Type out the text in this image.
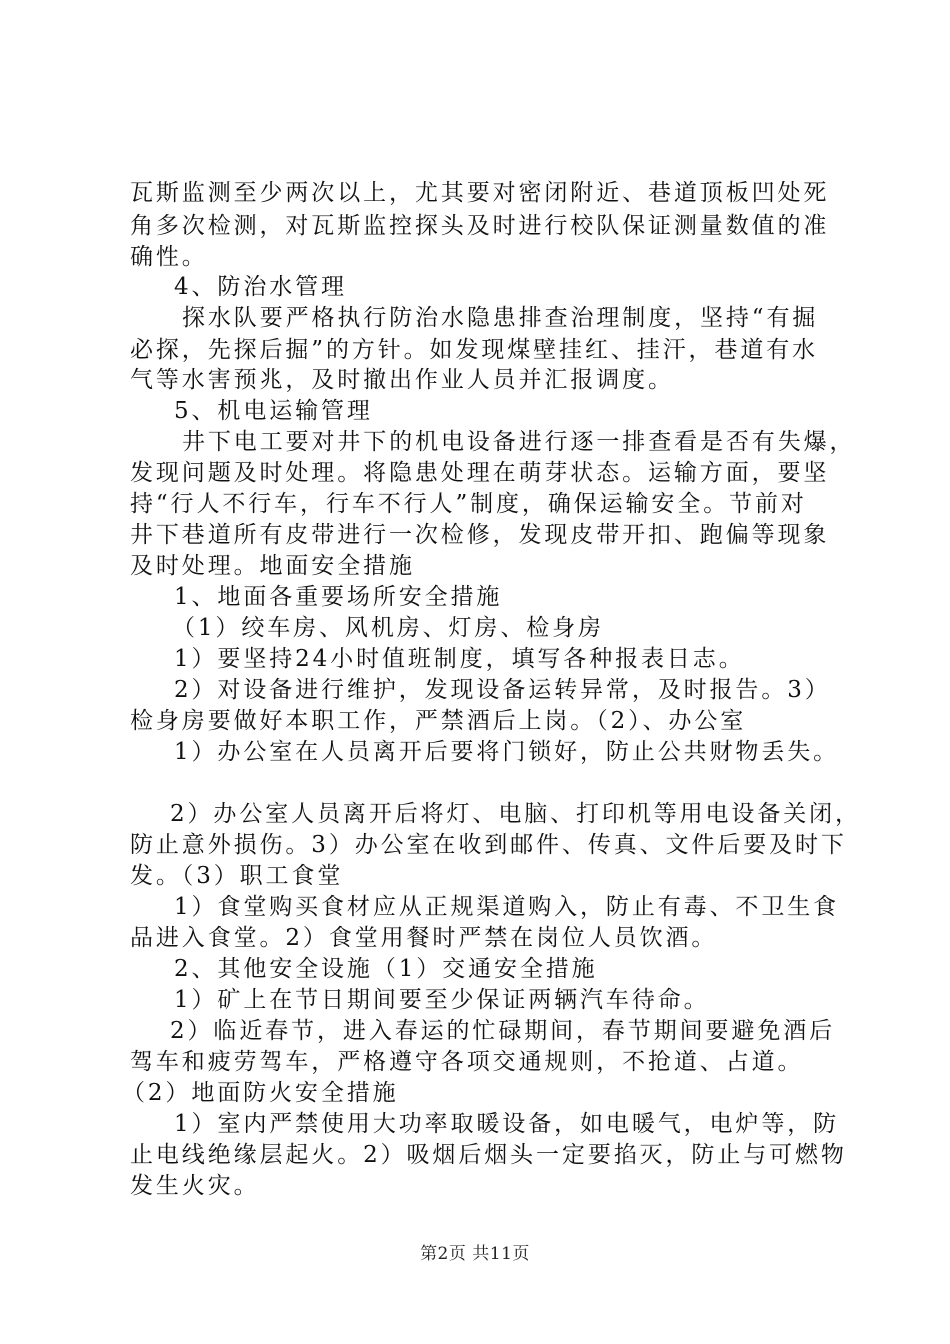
瓦斯监测至少两次以上，尤其要对密闭附近、巷道顶板凹处死
角多次检测，对瓦斯监控探头及时进行校队保证测量数值的准
确性。
4、防治水管理
探水队要严格执行防治水隐患排查治理制度，坚持“有掘
必探，先探后掘”的方针。如发现煤壁挂红、挂汗，巷道有水
气等水害预兆，及时撤出作业人员并汇报调度。
5、机电运输管理
井下电工要对井下的机电设备进行逐一排查看是否有失爆，
发现问题及时处理。将隐患处理在萌芽状态。运输方面，要坚
持“行人不行车，行车不行人”制度，确保运输安全。节前对
井下巷道所有皮带进行一次检修，发现皮带开扣、跑偏等现象
及时处理。地面安全措施
1、地面各重要场所安全措施
（1）绞车房、风机房、灯房、检身房
1）要坚持24小时值班制度，填写各种报表日志。
2）对设备进行维护，发现设备运转异常，及时报告。3）
检身房要做好本职工作，严禁酒后上岗。（2）、办公室
1）办公室在人员离开后要将门锁好，防止公共财物丢失。
2）办公室人员离开后将灯、电脑、打印机等用电设备关闭，
防止意外损伤。3）办公室在收到邮件、传真、文件后要及时下
发。（3）职工食堂
1）食堂购买食材应从正规渠道购入，防止有毒、不卫生食
品进入食堂。2）食堂用餐时严禁在岗位人员饮酒。
2、其他安全设施（1）交通安全措施
1）矿上在节日期间要至少保证两辆汽车待命。
2）临近春节，进入春运的忙碌期间，春节期间要避免酒后
驾车和疲劳驾车，严格遵守各项交通规则，不抢道、占道。
（2）地面防火安全措施
1）室内严禁使用大功率取暖设备，如电暖气，电炉等，防
止电线绝缘层起火。2）吸烟后烟头一定要掐灭，防止与可燃物
发生火灾。
第2页 共11页
